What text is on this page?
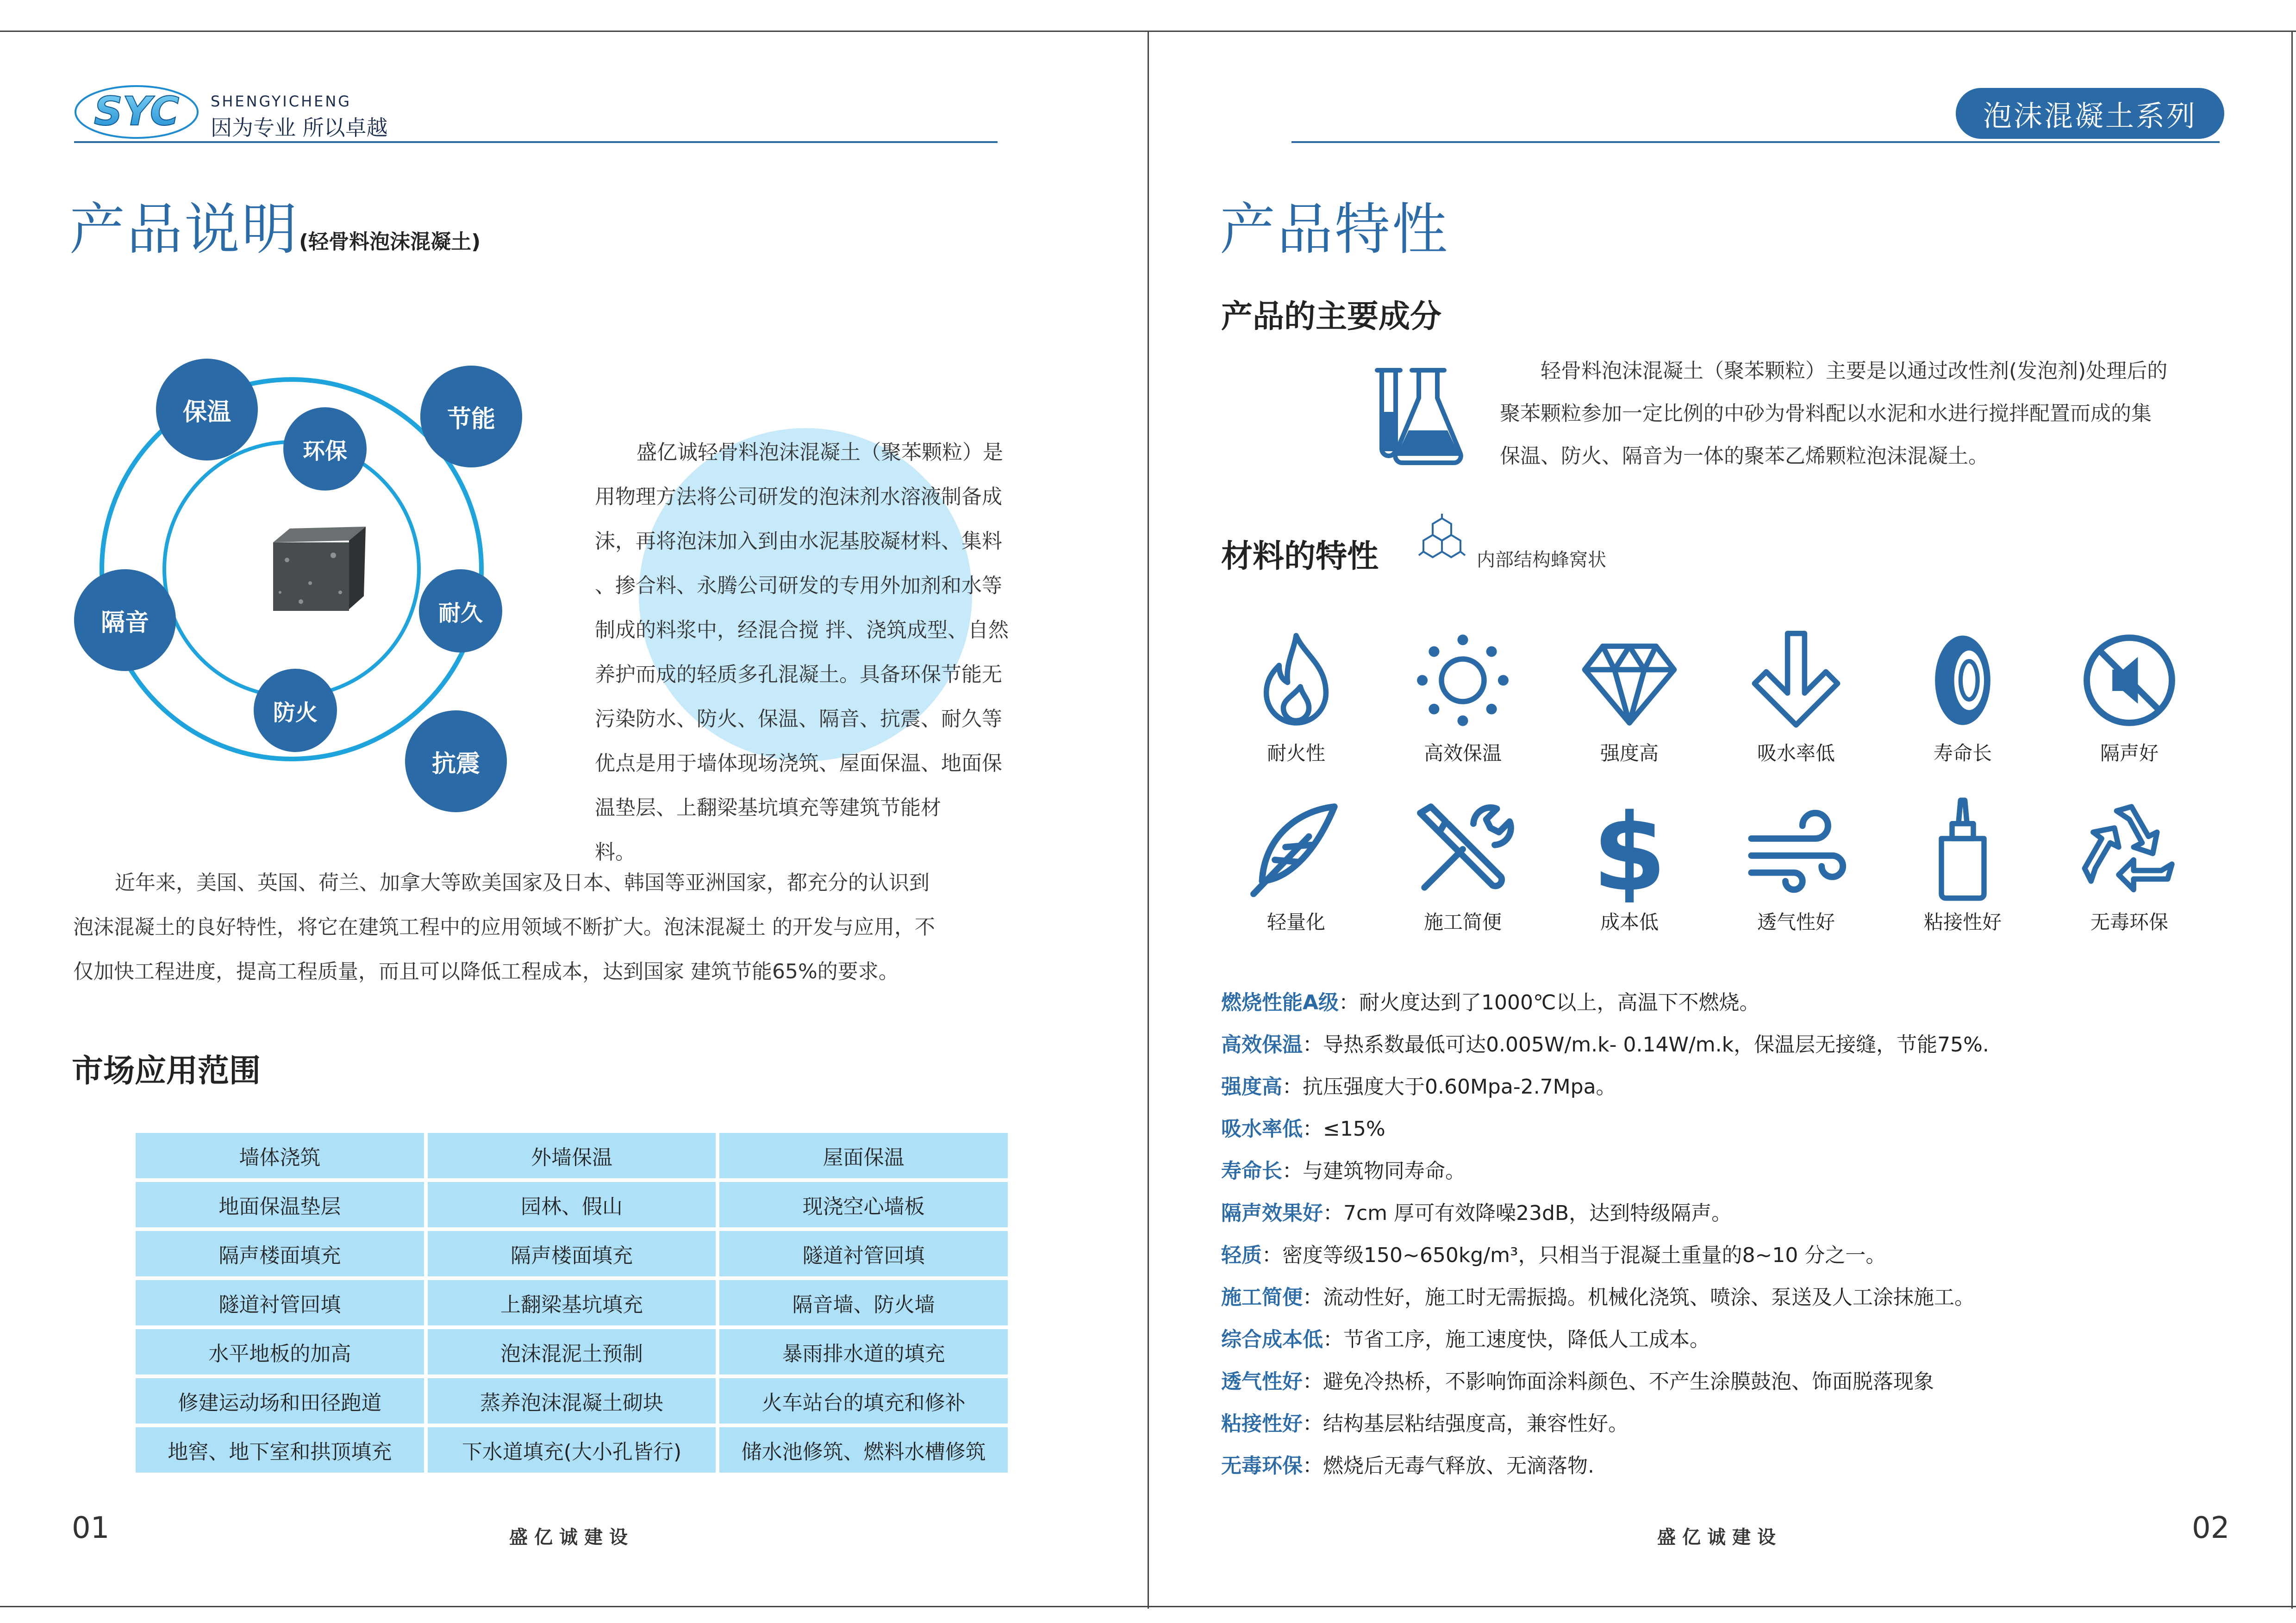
SYC SHENGYICHENG
因为专业 所以卓越
产品说明(轻骨料泡沫混凝土)
保温	节能
隔音	耐久
抗震
环保
防火
盛亿诚轻骨料泡沫混凝土（聚苯颗粒）是
用物理方法将公司研发的泡沫剂水溶液制备成
沫，再将泡沫加入到由水泥基胶凝材料、集料
、掺合料、永腾公司研发的专用外加剂和水等
制成的料浆中，经混合搅 拌、浇筑成型、自然
养护而成的轻质多孔混凝土。具备环保节能无
污染防水、防火、保温、隔音、抗震、耐久等
优点是用于墙体现场浇筑、屋面保温、地面保
温垫层、上翻梁基坑填充等建筑节能材
料。
近年来，美国、英国、荷兰、加拿大等欧美国家及日本、韩国等亚洲国家，都充分的认识到
泡沫混凝土的良好特性，将它在建筑工程中的应用领域不断扩大。泡沫混凝土 的开发与应用，不
仅加快工程进度，提高工程质量，而且可以降低工程成本，达到国家 建筑节能65%的要求。
市场应用范围
墙体浇筑	外墙保温	屋面保温
地面保温垫层	园林、假山	现浇空心墙板
隔声楼面填充	隔声楼面填充	隧道衬管回填
隧道衬管回填	上翻梁基坑填充	隔音墙、防火墙
水平地板的加高	泡沫混泥土预制	暴雨排水道的填充
修建运动场和田径跑道	蒸养泡沫混凝土砌块	火车站台的填充和修补
地窖、地下室和拱顶填充	下水道填充(大小孔皆行)	储水池修筑、燃料水槽修筑
01	盛亿诚建设
泡沫混凝土系列
产品特性
产品的主要成分
轻骨料泡沫混凝土（聚苯颗粒）主要是以通过改性剂(发泡剂)处理后的
聚苯颗粒参加一定比例的中砂为骨料配以水泥和水进行搅拌配置而成的集
保温、防火、隔音为一体的聚苯乙烯颗粒泡沫混凝土。
材料的特性	内部结构蜂窝状
耐火性	高效保温	强度高	吸水率低	寿命长	隔声好
轻量化	施工简便
$
成本低	透气性好	粘接性好	无毒环保
燃烧性能A级：耐火度达到了1000℃以上，高温下不燃烧。
高效保温：导热系数最低可达0.005W/m.k- 0.14W/m.k，保温层无接缝，节能75%.
强度高：抗压强度大于0.60Mpa-2.7Mpa。
吸水率低：≤15%
寿命长：与建筑物同寿命。
隔声效果好：7cm 厚可有效降噪23dB，达到特级隔声。
轻质：密度等级150~650kg/m³，只相当于混凝土重量的8~10 分之一。
施工简便：流动性好，施工时无需振捣。机械化浇筑、喷涂、泵送及人工涂抹施工。
综合成本低：节省工序，施工速度快，降低人工成本。
透气性好：避免冷热桥，不影响饰面涂料颜色、不产生涂膜鼓泡、饰面脱落现象
粘接性好：结构基层粘结强度高，兼容性好。
无毒环保：燃烧后无毒气释放、无滴落物.
盛亿诚建设	02
